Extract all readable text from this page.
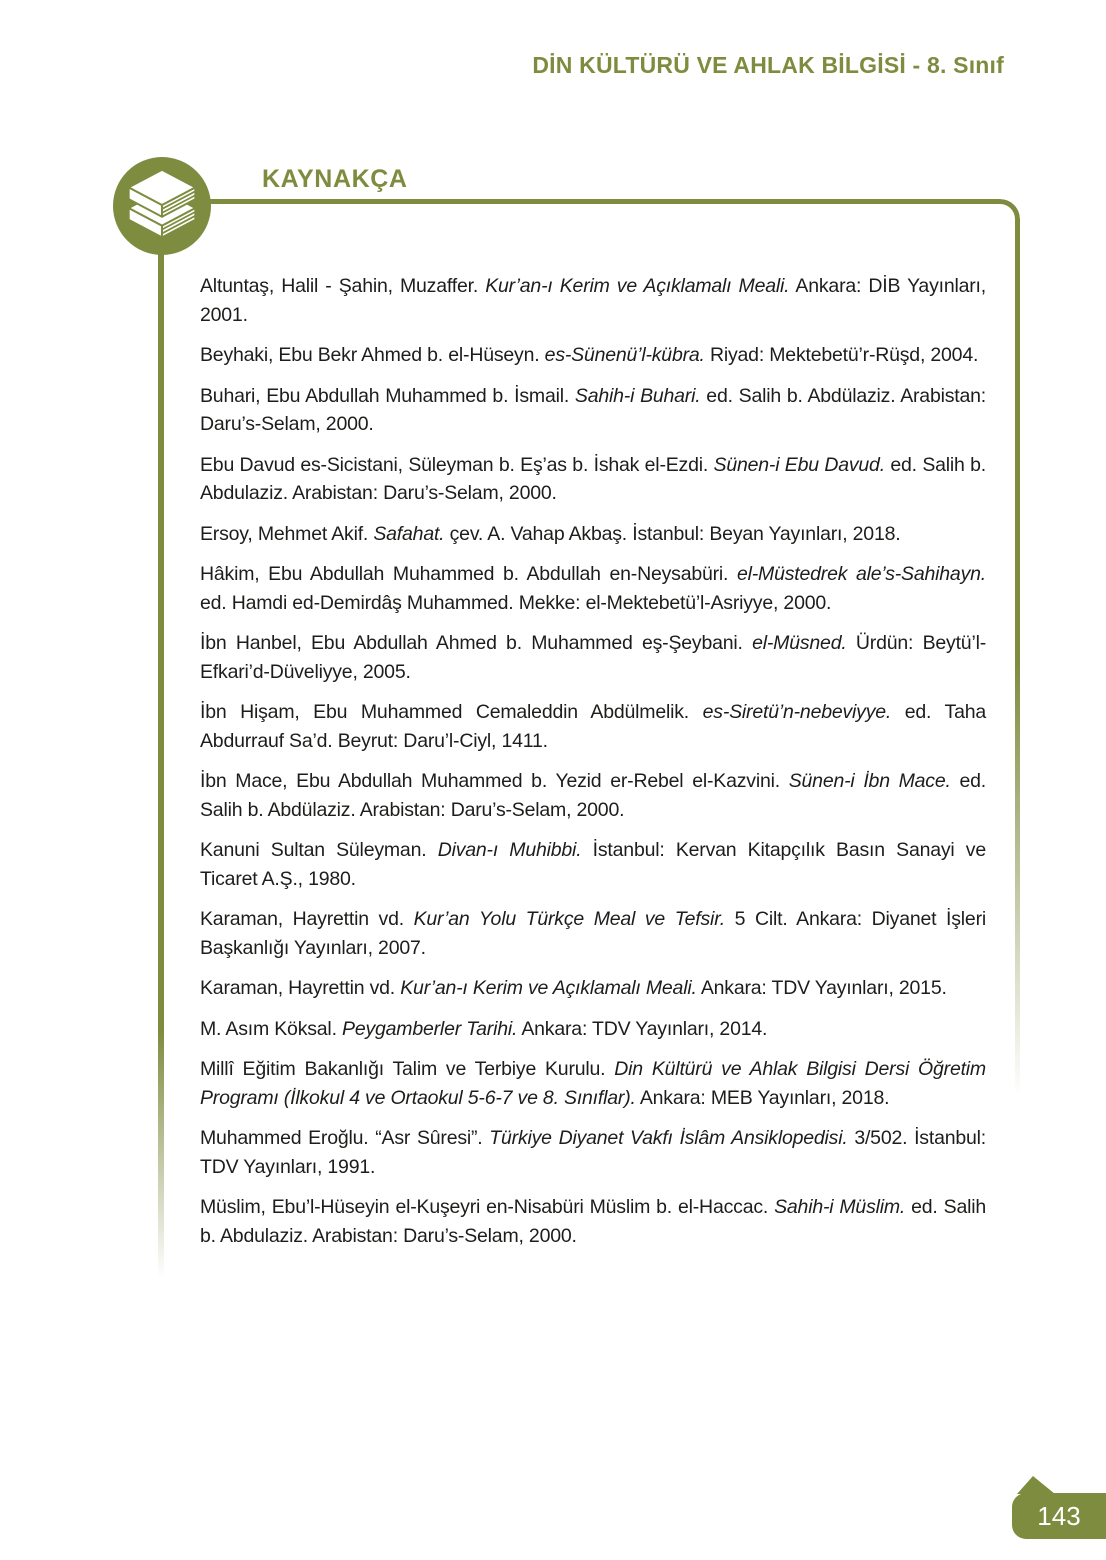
DİN KÜLTÜRÜ VE AHLAK BİLGİSİ - 8. Sınıf
KAYNAKÇA

Altuntaş, Halil - Şahin, Muzaffer. Kur’an-ı Kerim ve Açıklamalı Meali. Ankara: DİB Yayınları, 2001.

Beyhaki, Ebu Bekr Ahmed b. el-Hüseyn. es-Sünenü’l-kübra. Riyad: Mektebetü’r-Rüşd, 2004.

Buhari, Ebu Abdullah Muhammed b. İsmail. Sahih-i Buhari. ed. Salih b. Abdülaziz. Arabistan: Daru’s-Selam, 2000.

Ebu Davud es-Sicistani, Süleyman b. Eş’as b. İshak el-Ezdi. Sünen-i Ebu Davud. ed. Salih b. Abdulaziz. Arabistan: Daru’s-Selam, 2000.

Ersoy, Mehmet Akif. Safahat. çev. A. Vahap Akbaş. İstanbul: Beyan Yayınları, 2018.

Hâkim, Ebu Abdullah Muhammed b. Abdullah en-Neysabüri. el-Müstedrek ale’s-Sahihayn. ed. Hamdi ed-Demirdâş Muhammed. Mekke: el-Mektebetü’l-Asriyye, 2000.

İbn Hanbel, Ebu Abdullah Ahmed b. Muhammed eş-Şeybani. el-Müsned. Ürdün: Beytü’l-Efkari’d-Düveliyye, 2005.

İbn Hişam, Ebu Muhammed Cemaleddin Abdülmelik. es-Siretü’n-nebeviyye. ed. Taha Abdurrauf Sa’d. Beyrut: Daru’l-Ciyl, 1411.

İbn Mace, Ebu Abdullah Muhammed b. Yezid er-Rebel el-Kazvini. Sünen-i İbn Mace. ed. Salih b. Abdülaziz. Arabistan: Daru’s-Selam, 2000.

Kanuni Sultan Süleyman. Divan-ı Muhibbi. İstanbul: Kervan Kitapçılık Basın Sanayi ve Ticaret A.Ş., 1980.

Karaman, Hayrettin vd. Kur’an Yolu Türkçe Meal ve Tefsir. 5 Cilt. Ankara: Diyanet İşleri Başkanlığı Yayınları, 2007.

Karaman, Hayrettin vd. Kur’an-ı Kerim ve Açıklamalı Meali. Ankara: TDV Yayınları, 2015.

M. Asım Köksal. Peygamberler Tarihi. Ankara: TDV Yayınları, 2014.

Millî Eğitim Bakanlığı Talim ve Terbiye Kurulu. Din Kültürü ve Ahlak Bilgisi Dersi Öğretim Programı (İlkokul 4 ve Ortaokul 5-6-7 ve 8. Sınıflar). Ankara: MEB Yayınları, 2018.

Muhammed Eroğlu. “Asr Sûresi”. Türkiye Diyanet Vakfı İslâm Ansiklopedisi. 3/502. İstanbul: TDV Yayınları, 1991.

Müslim, Ebu’l-Hüseyin el-Kuşeyri en-Nisabüri Müslim b. el-Haccac. Sahih-i Müslim. ed. Salih b. Abdulaziz. Arabistan: Daru’s-Selam, 2000.

143
